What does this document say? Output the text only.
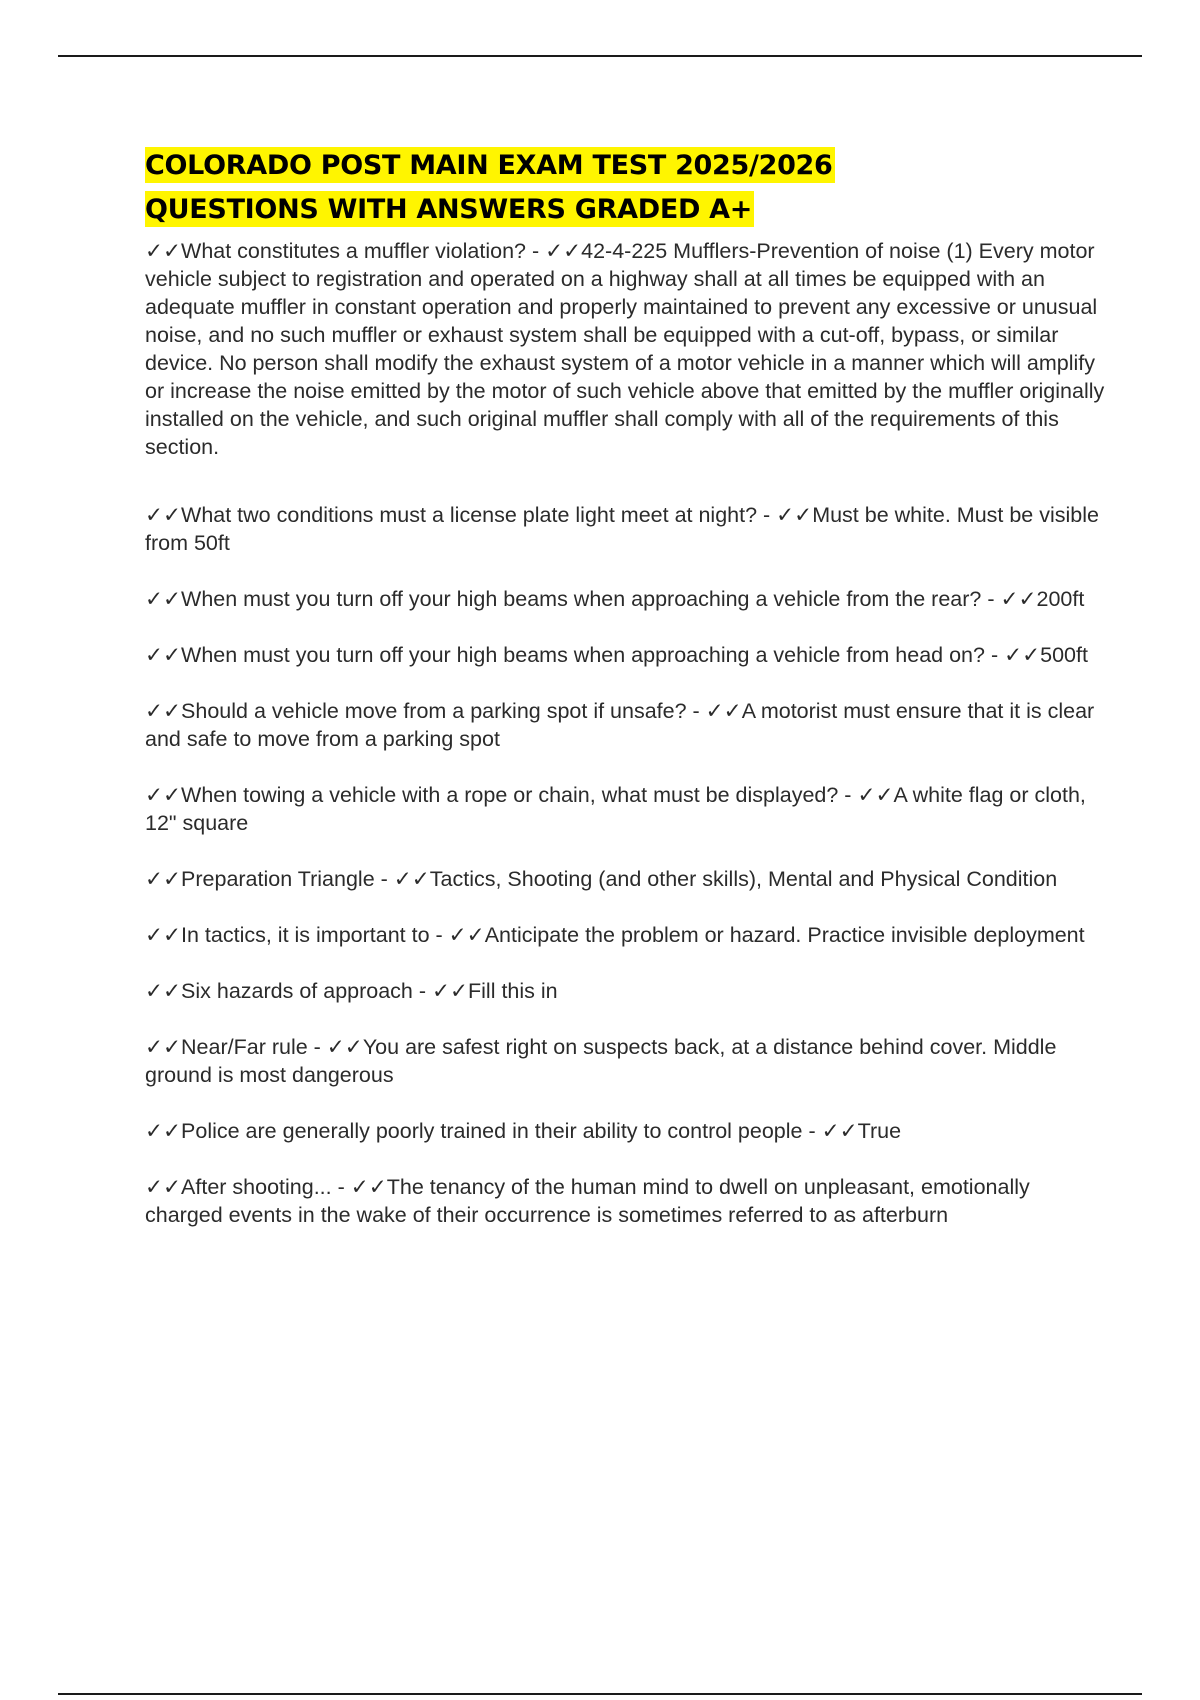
COLORADO POST MAIN EXAM TEST 2025/2026
QUESTIONS WITH ANSWERS GRADED A+
✓✓What constitutes a muffler violation? - ✓✓42-4-225 Mufflers-Prevention of noise (1) Every motor vehicle subject to registration and operated on a highway shall at all times be equipped with an adequate muffler in constant operation and properly maintained to prevent any excessive or unusual noise, and no such muffler or exhaust system shall be equipped with a cut-off, bypass, or similar device. No person shall modify the exhaust system of a motor vehicle in a manner which will amplify or increase the noise emitted by the motor of such vehicle above that emitted by the muffler originally installed on the vehicle, and such original muffler shall comply with all of the requirements of this section.
✓✓What two conditions must a license plate light meet at night? - ✓✓Must be white. Must be visible from 50ft
✓✓When must you turn off your high beams when approaching a vehicle from the rear? - ✓✓200ft
✓✓When must you turn off your high beams when approaching a vehicle from head on? - ✓✓500ft
✓✓Should a vehicle move from a parking spot if unsafe? - ✓✓A motorist must ensure that it is clear and safe to move from a parking spot
✓✓When towing a vehicle with a rope or chain, what must be displayed? - ✓✓A white flag or cloth, 12" square
✓✓Preparation Triangle - ✓✓Tactics, Shooting (and other skills), Mental and Physical Condition
✓✓In tactics, it is important to - ✓✓Anticipate the problem or hazard. Practice invisible deployment
✓✓Six hazards of approach - ✓✓Fill this in
✓✓Near/Far rule - ✓✓You are safest right on suspects back, at a distance behind cover. Middle ground is most dangerous
✓✓Police are generally poorly trained in their ability to control people - ✓✓True
✓✓After shooting... - ✓✓The tenancy of the human mind to dwell on unpleasant, emotionally charged events in the wake of their occurrence is sometimes referred to as afterburn
